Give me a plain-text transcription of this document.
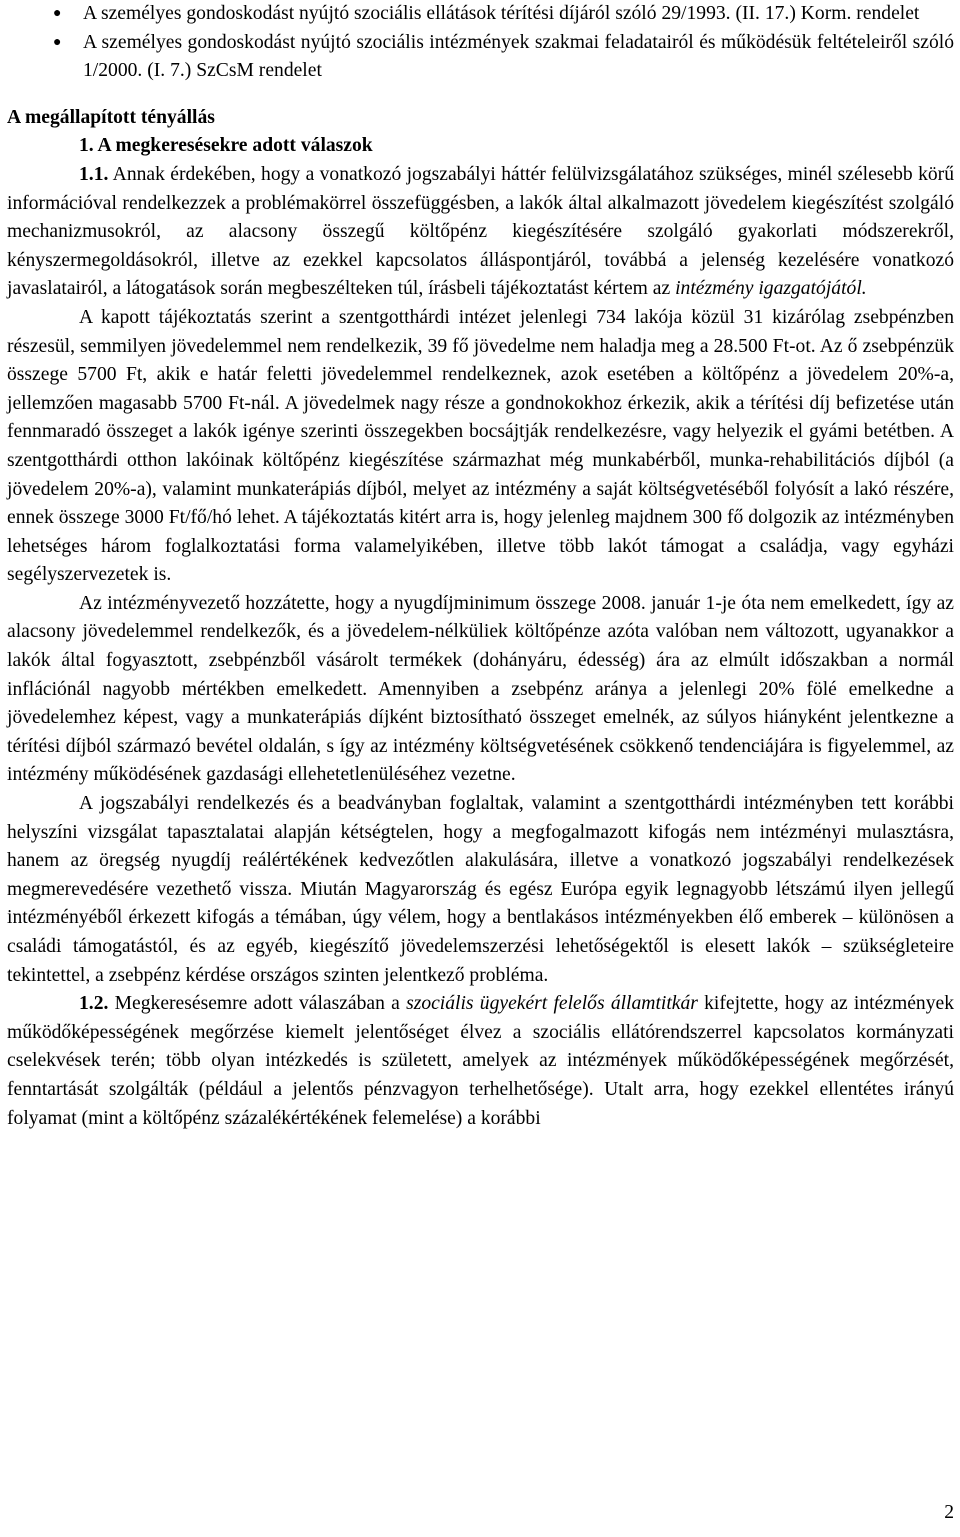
●	A személyes gondoskodást nyújtó szociális ellátások térítési díjáról szóló 29/1993. (II. 17.) Korm. rendelet
●	A személyes gondoskodást nyújtó szociális intézmények szakmai feladatairól és működésük feltételeiről szóló 1/2000. (I. 7.) SzCsM rendelet
A megállapított tényállás
1. A megkeresésekre adott válaszok

1.1. Annak érdekében, hogy a vonatkozó jogszabályi háttér felülvizsgálatához szükséges, minél szélesebb körű információval rendelkezzek a problémakörrel összefüggésben, a lakók által alkalmazott jövedelem kiegészítést szolgáló mechanizmusokról, az alacsony összegű költőpénz kiegészítésére szolgáló gyakorlati módszerekről, kényszermegoldásokról, illetve az ezekkel kapcsolatos álláspontjáról, továbbá a jelenség kezelésére vonatkozó javaslatairól, a látogatások során megbeszélteken túl, írásbeli tájékoztatást kértem az intézmény igazgatójától.

A kapott tájékoztatás szerint a szentgotthárdi intézet jelenlegi 734 lakója közül 31 kizárólag zsebpénzben részesül, semmilyen jövedelemmel nem rendelkezik, 39 fő jövedelme nem haladja meg a 28.500 Ft-ot. Az ő zsebpénzük összege 5700 Ft, akik e határ feletti jövedelemmel rendelkeznek, azok esetében a költőpénz a jövedelem 20%-a, jellemzően magasabb 5700 Ft-nál. A jövedelmek nagy része a gondnokokhoz érkezik, akik a térítési díj befizetése után fennmaradó összeget a lakók igénye szerinti összegekben bocsájtják rendelkezésre, vagy helyezik el gyámi betétben. A szentgotthárdi otthon lakóinak költőpénz kiegészítése származhat még munkabérből, munka-rehabilitációs díjból (a jövedelem 20%-a), valamint munkaterápiás díjból, melyet az intézmény a saját költségvetéséből folyósít a lakó részére, ennek összege 3000 Ft/fő/hó lehet. A tájékoztatás kitért arra is, hogy jelenleg majdnem 300 fő dolgozik az intézményben lehetséges három foglalkoztatási forma valamelyikében, illetve több lakót támogat a családja, vagy egyházi segélyszervezetek is.

Az intézményvezető hozzátette, hogy a nyugdíjminimum összege 2008. január 1-je óta nem emelkedett, így az alacsony jövedelemmel rendelkezők, és a jövedelem-nélküliek költőpénze azóta valóban nem változott, ugyanakkor a lakók által fogyasztott, zsebpénzből vásárolt termékek (dohányáru, édesség) ára az elmúlt időszakban a normál inflációnál nagyobb mértékben emelkedett. Amennyiben a zsebpénz aránya a jelenlegi 20% fölé emelkedne a jövedelemhez képest, vagy a munkaterápiás díjként biztosítható összeget emelnék, az súlyos hiányként jelentkezne a térítési díjból származó bevétel oldalán, s így az intézmény költségvetésének csökkenő tendenciájára is figyelemmel, az intézmény működésének gazdasági ellehetetlenüléséhez vezetne.

A jogszabályi rendelkezés és a beadványban foglaltak, valamint a szentgotthárdi intézményben tett korábbi helyszíni vizsgálat tapasztalatai alapján kétségtelen, hogy a megfogalmazott kifogás nem intézményi mulasztásra, hanem az öregség nyugdíj reálértékének kedvezőtlen alakulására, illetve a vonatkozó jogszabályi rendelkezések megmerevedésére vezethető vissza. Miután Magyarország és egész Európa egyik legnagyobb létszámú ilyen jellegű intézményéből érkezett kifogás a témában, úgy vélem, hogy a bentlakásos intézményekben élő emberek – különösen a családi támogatástól, és az egyéb, kiegészítő jövedelemszerzési lehetőségektől is elesett lakók – szükségleteire tekintettel, a zsebpénz kérdése országos szinten jelentkező probléma.

1.2. Megkeresésemre adott válaszában a szociális ügyekért felelős államtitkár kifejtette, hogy az intézmények működőképességének megőrzése kiemelt jelentőséget élvez a szociális ellátórendszerrel kapcsolatos kormányzati cselekvések terén; több olyan intézkedés is született, amelyek az intézmények működőképességének megőrzését, fenntartását szolgálták (például a jelentős pénzvagyon terhelhetősége). Utalt arra, hogy ezekkel ellentétes irányú folyamat (mint a költőpénz százalékértékének felemelése) a korábbi

2
